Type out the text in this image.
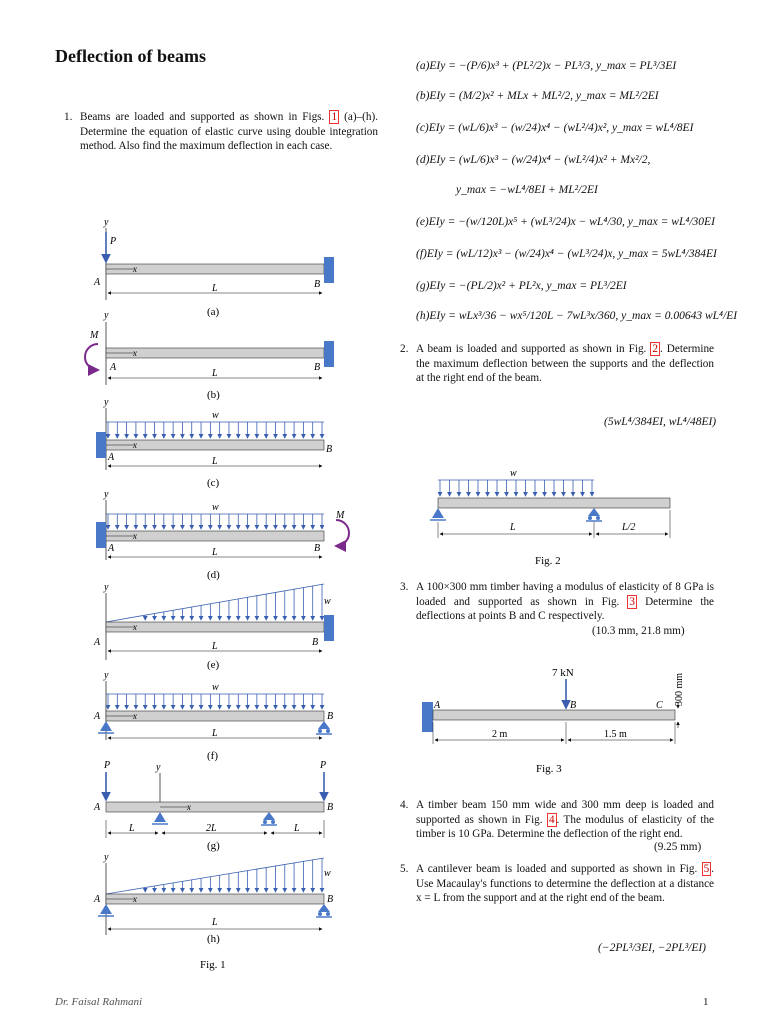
Deflection of beams
1. Beams are loaded and supported as shown in Figs. 1 (a)–(h). Determine the equation of elastic curve using double integration method. Also find the maximum deflection in each case.
(a)EIy = −(P/6)x³ + (PL²/2)x − PL³/3, y_max = PL³/3EI
(b)EIy = (M/2)x² + MLx + ML²/2, y_max = ML²/2EI
(c)EIy = (wL/6)x³ − (w/24)x⁴ − (wL²/4)x², y_max = wL⁴/8EI
(d)EIy = (wL/6)x³ − (w/24)x⁴ − (wL²/4)x² + Mx²/2,
y_max = −wL⁴/8EI + ML²/2EI
(e)EIy = −(w/120L)x⁵ + (wL³/24)x − wL⁴/30, y_max = wL⁴/30EI
(f)EIy = (wL/12)x³ − (w/24)x⁴ − (wL³/24)x, y_max = 5wL⁴/384EI
(g)EIy = −(PL/2)x² + PL²x, y_max = PL³/2EI
(h)EIy = wLx³/36 − wx⁵/120L − 7wL³x/360, y_max = 0.00643 wL⁴/EI
2. A beam is loaded and supported as shown in Fig. 2 . Determine the maximum deflection between the supports and the deflection at the right end of the beam.
(5wL⁴/384EI, wL⁴/48EI)
3. A 100×300 mm timber having a modulus of elasticity of 8 GPa is loaded and supported as shown in Fig. 3 Determine the deflections at points B and C respectively.
(10.3 mm, 21.8 mm)
4. A timber beam 150 mm wide and 300 mm deep is loaded and supported as shown in Fig. 4 . The modulus of elasticity of the timber is 10 GPa. Determine the deflection of the right end.
(9.25 mm)
5. A cantilever beam is loaded and supported as shown in Fig. 5 . Use Macaulay's functions to determine the deflection at a distance x = L from the support and at the right end of the beam.
(−2PL³/3EI, −2PL³/EI)
y
P
x
A	B
L
(a)
y
M
x
A	B
L
(b)
y
w
x
A
B
L
(c)
y
w
M
x
A	B
L
(d)
y
w
x
A	B
L
(e)
y
w
x
A	B
L
(f)
P	P
y
x
A	B
L	2L	L
(g)
y
w
x
A	B
L
(h)
Fig. 1
w
L	L/2
Fig. 2
7 kN
A	B	C 300 mm
2 m	1.5 m
Fig. 3
Dr. Faisal Rahmani	1
